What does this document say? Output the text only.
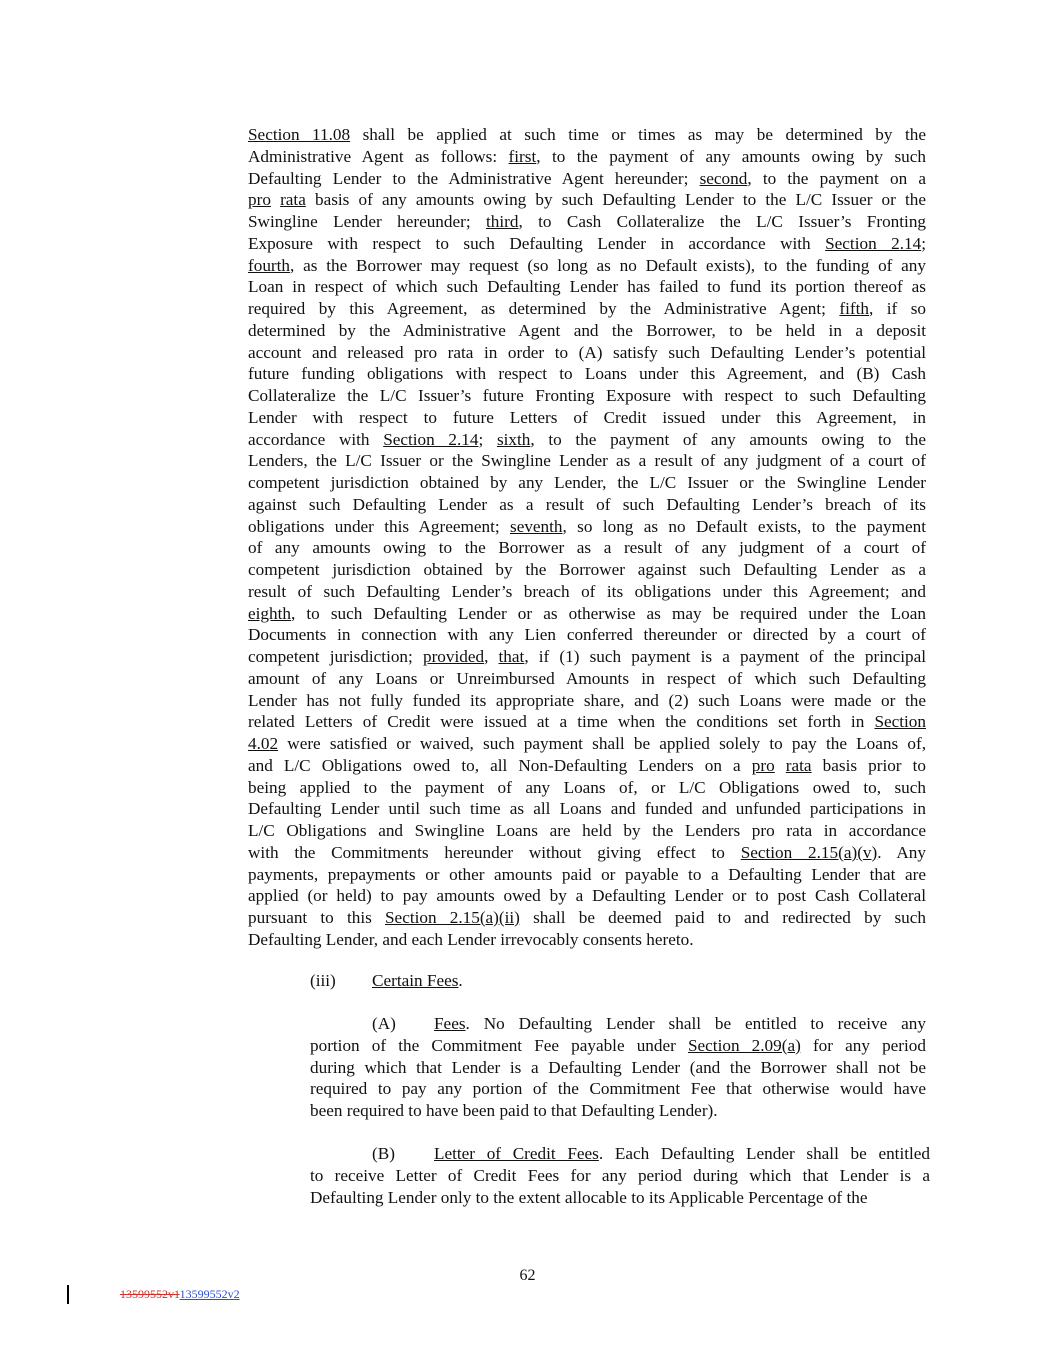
Section 11.08 shall be applied at such time or times as may be determined by the
Administrative Agent as follows: first, to the payment of any amounts owing by such
Defaulting Lender to the Administrative Agent hereunder; second, to the payment on a
pro rata basis of any amounts owing by such Defaulting Lender to the L/C Issuer or the
Swingline Lender hereunder; third, to Cash Collateralize the L/C Issuer’s Fronting
Exposure with respect to such Defaulting Lender in accordance with Section 2.14;
fourth, as the Borrower may request (so long as no Default exists), to the funding of any
Loan in respect of which such Defaulting Lender has failed to fund its portion thereof as
required by this Agreement, as determined by the Administrative Agent; fifth, if so
determined by the Administrative Agent and the Borrower, to be held in a deposit
account and released pro rata in order to (A) satisfy such Defaulting Lender’s potential
future funding obligations with respect to Loans under this Agreement, and (B) Cash
Collateralize the L/C Issuer’s future Fronting Exposure with respect to such Defaulting
Lender with respect to future Letters of Credit issued under this Agreement, in
accordance with Section 2.14; sixth, to the payment of any amounts owing to the
Lenders, the L/C Issuer or the Swingline Lender as a result of any judgment of a court of
competent jurisdiction obtained by any Lender, the L/C Issuer or the Swingline Lender
against such Defaulting Lender as a result of such Defaulting Lender’s breach of its
obligations under this Agreement; seventh, so long as no Default exists, to the payment
of any amounts owing to the Borrower as a result of any judgment of a court of
competent jurisdiction obtained by the Borrower against such Defaulting Lender as a
result of such Defaulting Lender’s breach of its obligations under this Agreement; and
eighth, to such Defaulting Lender or as otherwise as may be required under the Loan
Documents in connection with any Lien conferred thereunder or directed by a court of
competent jurisdiction; provided, that, if (1) such payment is a payment of the principal
amount of any Loans or Unreimbursed Amounts in respect of which such Defaulting
Lender has not fully funded its appropriate share, and (2) such Loans were made or the
related Letters of Credit were issued at a time when the conditions set forth in Section
4.02 were satisfied or waived, such payment shall be applied solely to pay the Loans of,
and L/C Obligations owed to, all Non-Defaulting Lenders on a pro rata basis prior to
being applied to the payment of any Loans of, or L/C Obligations owed to, such
Defaulting Lender until such time as all Loans and funded and unfunded participations in
L/C Obligations and Swingline Loans are held by the Lenders pro rata in accordance
with the Commitments hereunder without giving effect to Section 2.15(a)(v). Any
payments, prepayments or other amounts paid or payable to a Defaulting Lender that are
applied (or held) to pay amounts owed by a Defaulting Lender or to post Cash Collateral
pursuant to this Section 2.15(a)(ii) shall be deemed paid to and redirected by such
Defaulting Lender, and each Lender irrevocably consents hereto.
(iii) Certain Fees.
(A) Fees. No Defaulting Lender shall be entitled to receive any
portion of the Commitment Fee payable under Section 2.09(a) for any period
during which that Lender is a Defaulting Lender (and the Borrower shall not be
required to pay any portion of the Commitment Fee that otherwise would have
been required to have been paid to that Defaulting Lender).
(B) Letter of Credit Fees. Each Defaulting Lender shall be entitled
to receive Letter of Credit Fees for any period during which that Lender is a
Defaulting Lender only to the extent allocable to its Applicable Percentage of the
62
13599552v113599552v2
